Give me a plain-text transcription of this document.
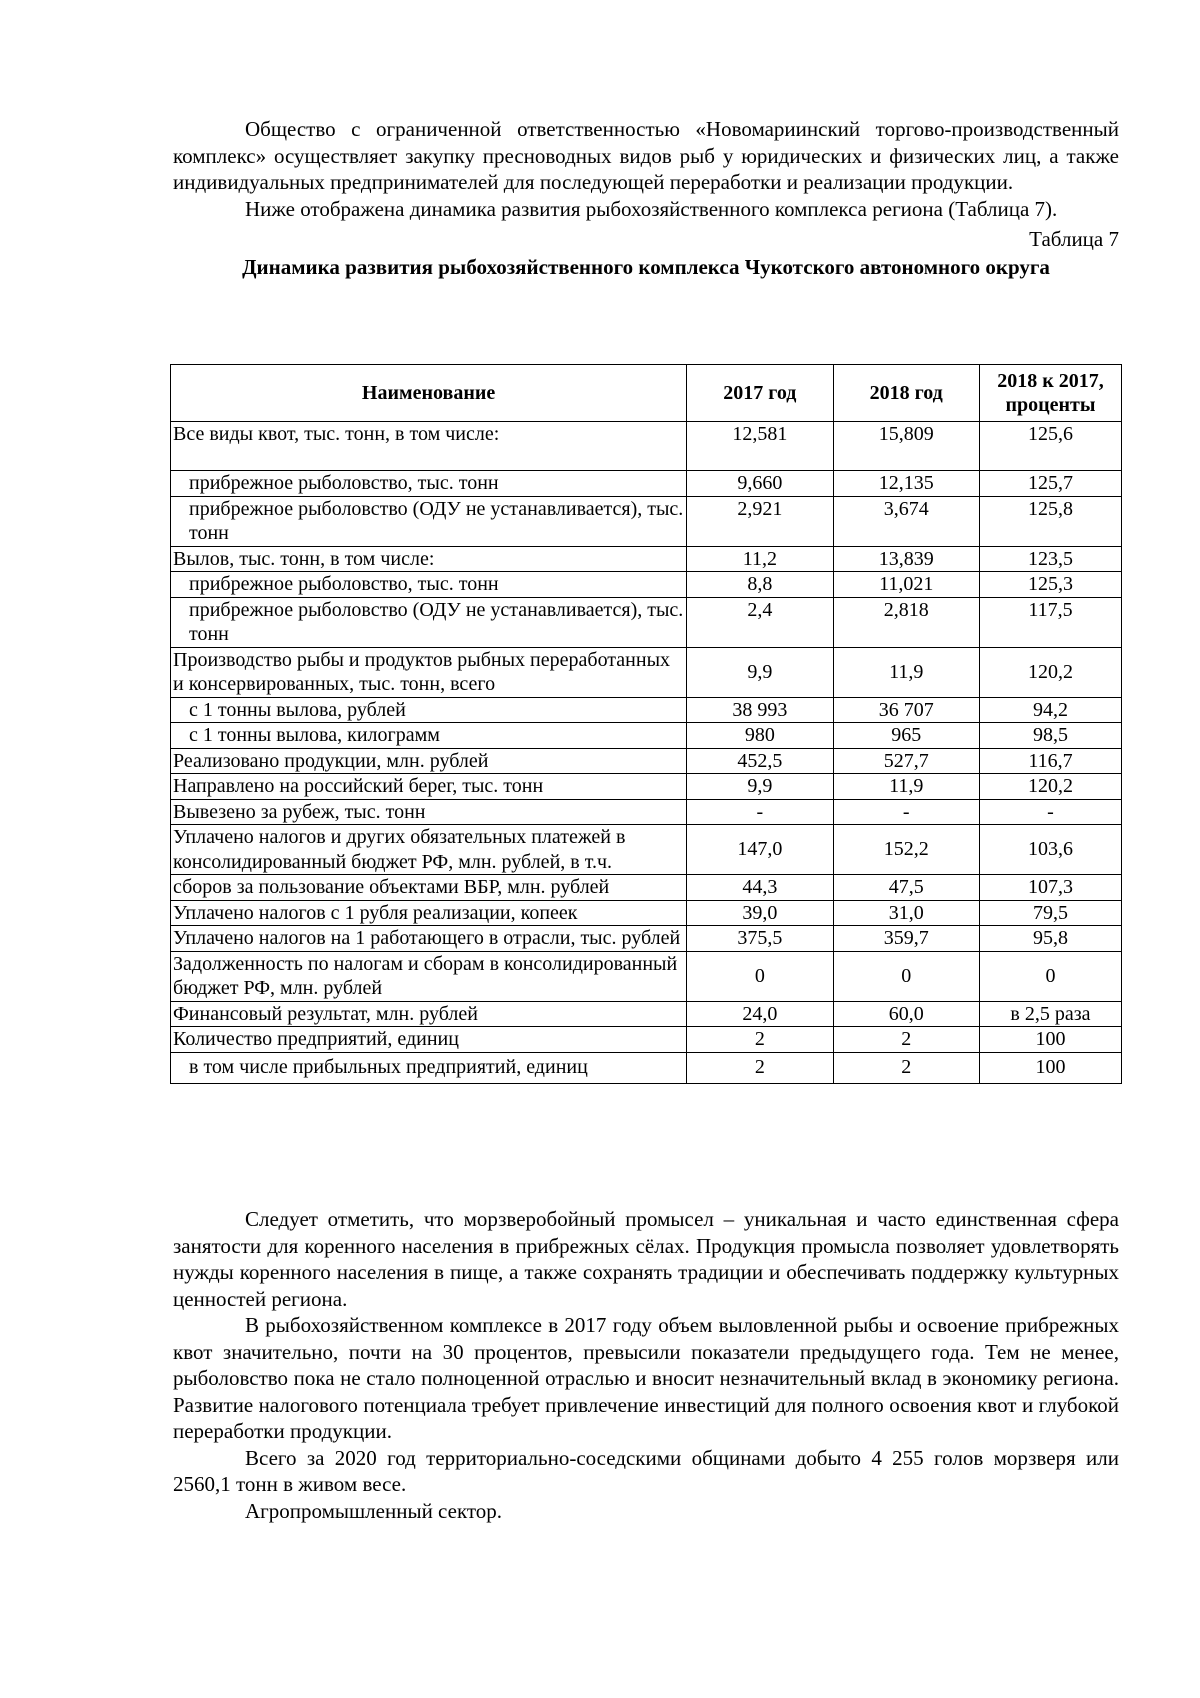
Общество с ограниченной ответственностью «Новомариинский торгово-производственный комплекс» осуществляет закупку пресноводных видов рыб у юридических и физических лиц, а также индивидуальных предпринимателей для последующей переработки и реализации продукции.

Ниже отображена динамика развития рыбохозяйственного комплекса региона (Таблица 7).

Таблица 7

Динамика развития рыбохозяйственного комплекса Чукотского автономного округа

Наименование	2017 год	2018 год	2018 к 2017, проценты
Все виды квот, тыс. тонн, в том числе:	12,581	15,809	125,6
прибрежное рыболовство, тыс. тонн	9,660	12,135	125,7
прибрежное рыболовство (ОДУ не устанавливается), тыс. тонн	2,921	3,674	125,8
Вылов, тыс. тонн, в том числе:	11,2	13,839	123,5
прибрежное рыболовство, тыс. тонн	8,8	11,021	125,3
прибрежное рыболовство (ОДУ не устанавливается), тыс. тонн	2,4	2,818	117,5
Производство рыбы и продуктов рыбных переработанных и консервированных, тыс. тонн, всего	9,9	11,9	120,2
с 1 тонны вылова, рублей	38 993	36 707	94,2
с 1 тонны вылова, килограмм	980	965	98,5
Реализовано продукции, млн. рублей	452,5	527,7	116,7
Направлено на российский берег, тыс. тонн	9,9	11,9	120,2
Вывезено за рубеж, тыс. тонн	-	-	-
Уплачено налогов и других обязательных платежей в консолидированный бюджет РФ, млн. рублей, в т.ч.	147,0	152,2	103,6
сборов за пользование объектами ВБР, млн. рублей	44,3	47,5	107,3
Уплачено налогов с 1 рубля реализации, копеек	39,0	31,0	79,5
Уплачено налогов на 1 работающего в отрасли, тыс. рублей	375,5	359,7	95,8
Задолженность по налогам и сборам в консолидированный бюджет РФ, млн. рублей	0	0	0
Финансовый результат, млн. рублей	24,0	60,0	в 2,5 раза
Количество предприятий, единиц	2	2	100
в том числе прибыльных предприятий, единиц	2	2	100

Следует отметить, что морзверобойный промысел – уникальная и часто единственная сфера занятости для коренного населения в прибрежных сёлах. Продукция промысла позволяет удовлетворять нужды коренного населения в пище, а также сохранять традиции и обеспечивать поддержку культурных ценностей региона.

В рыбохозяйственном комплексе в 2017 году объем выловленной рыбы и освоение прибрежных квот значительно, почти на 30 процентов, превысили показатели предыдущего года. Тем не менее, рыболовство пока не стало полноценной отраслью и вносит незначительный вклад в экономику региона. Развитие налогового потенциала требует привлечение инвестиций для полного освоения квот и глубокой переработки продукции.

Всего за 2020 год территориально-соседскими общинами добыто 4 255 голов морзверя или 2560,1 тонн в живом весе.

Агропромышленный сектор.
